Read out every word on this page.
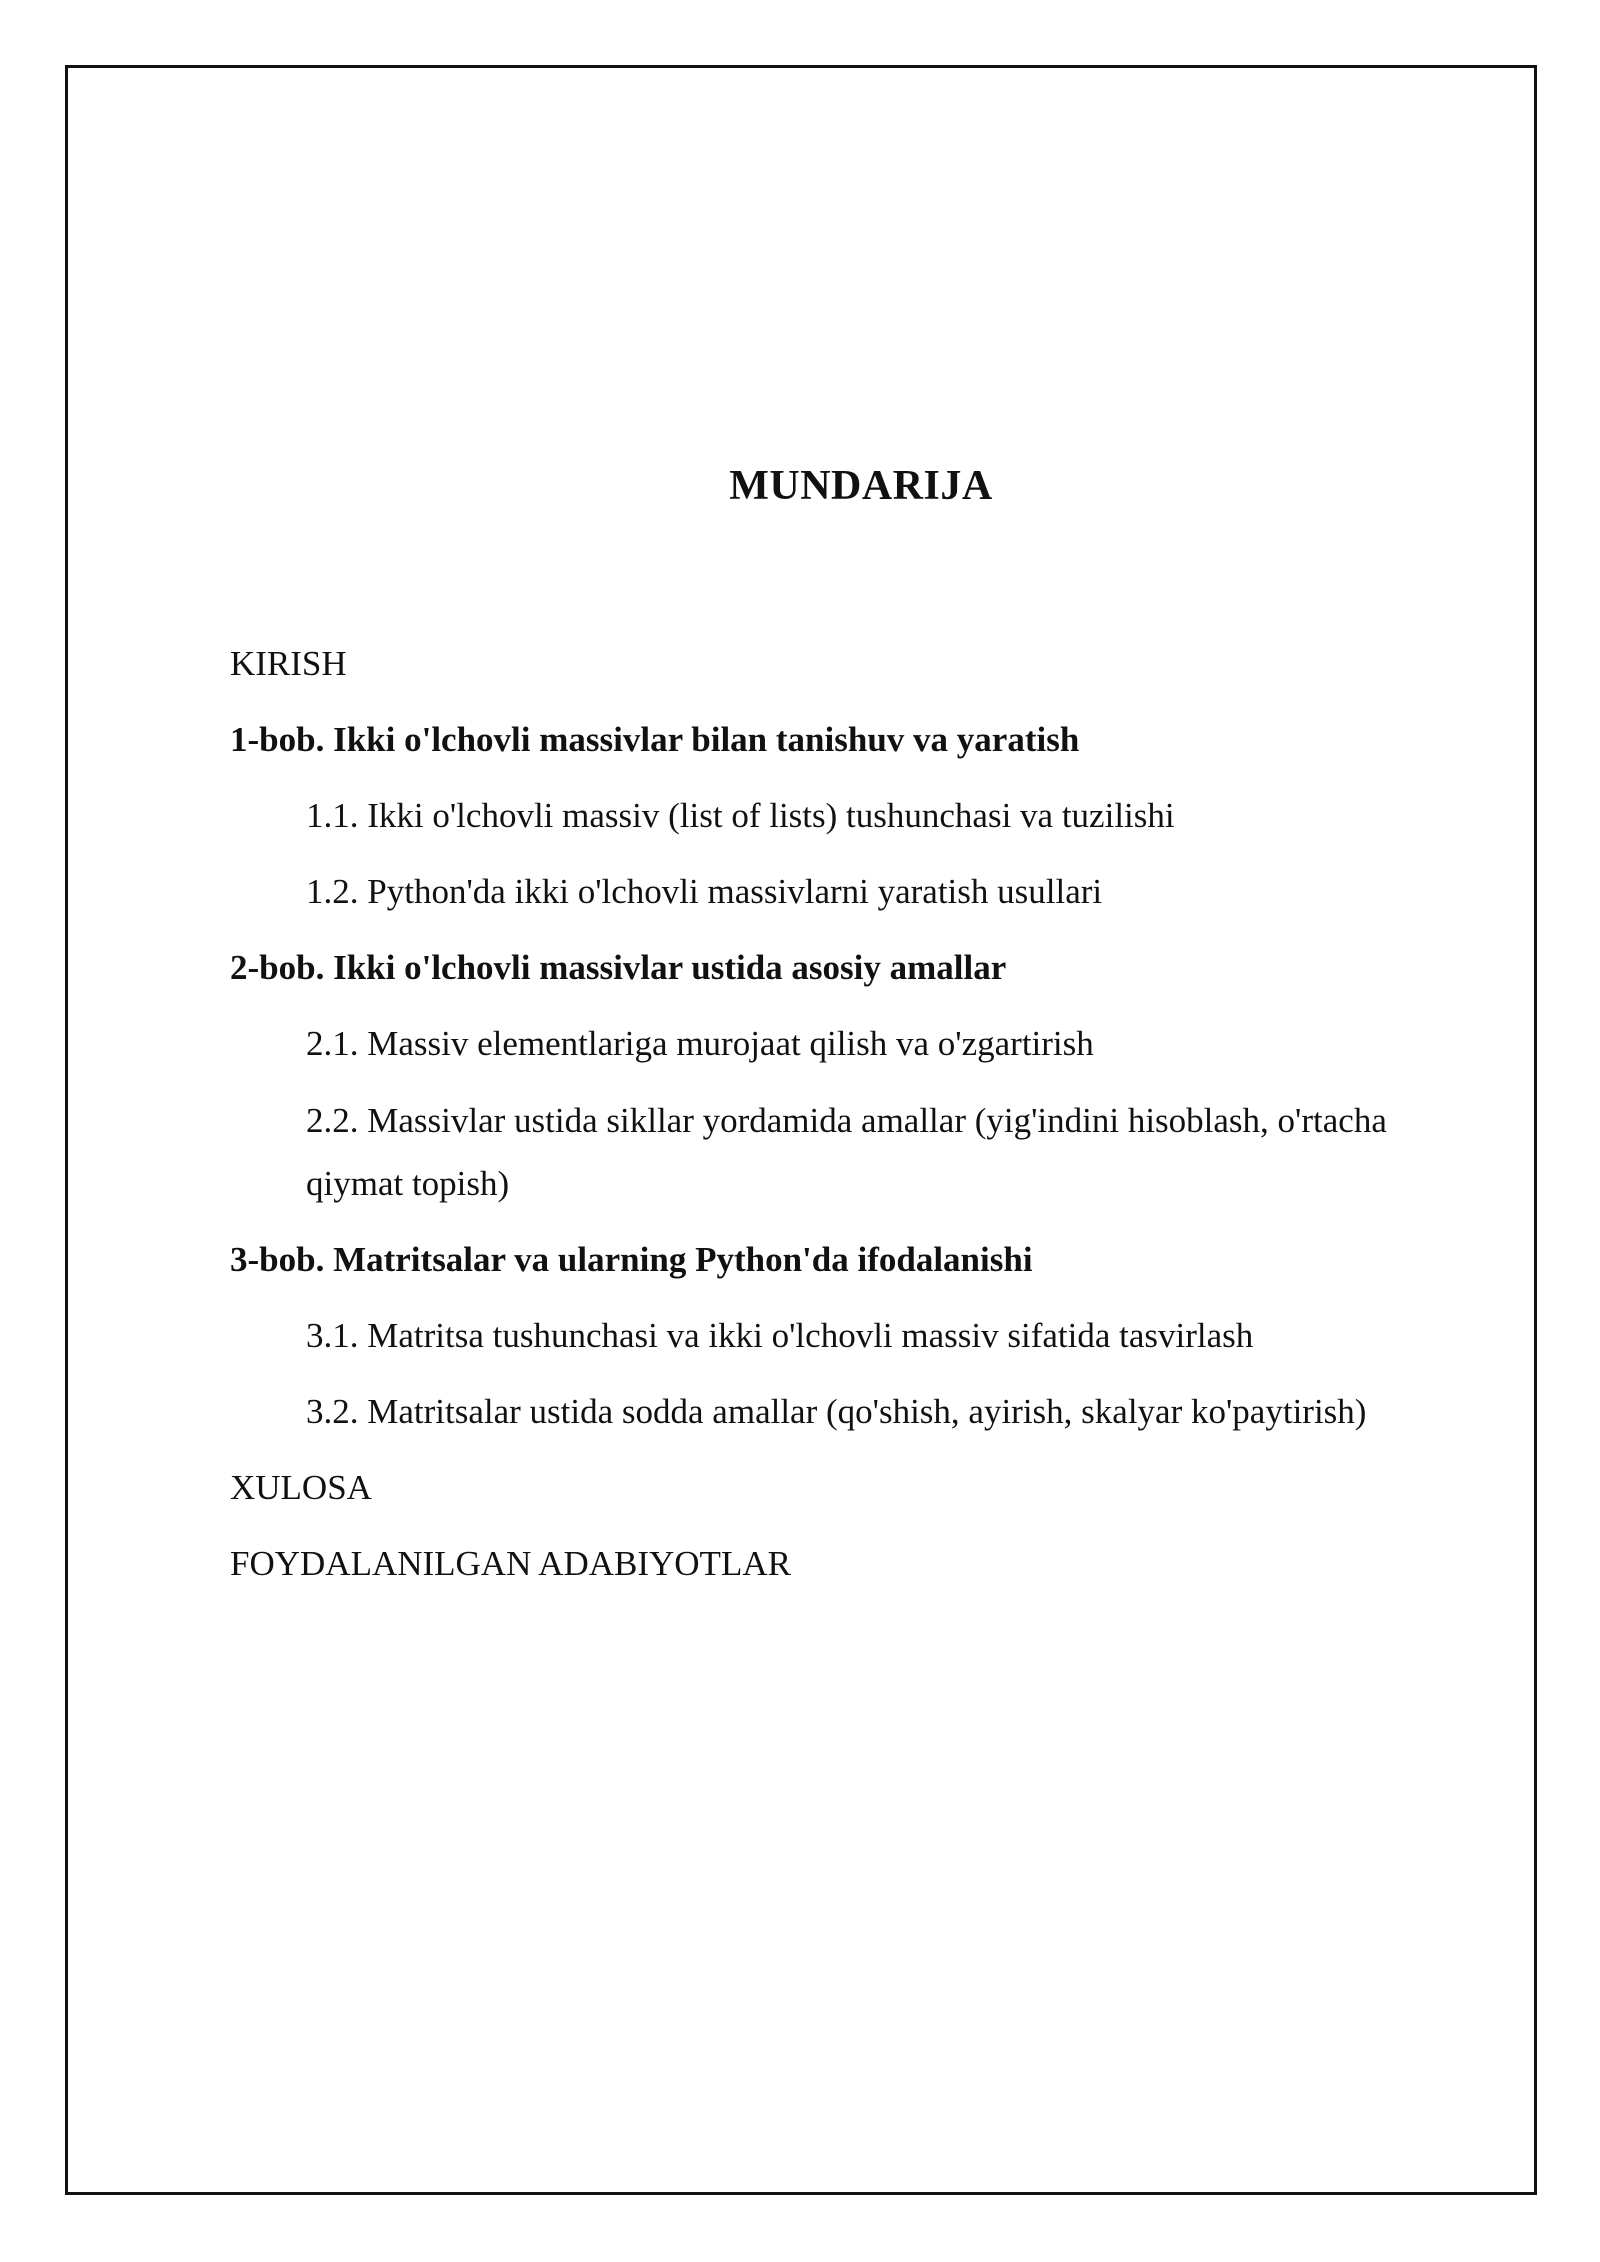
MUNDARIJA
KIRISH
1-bob. Ikki o'lchovli massivlar bilan tanishuv va yaratish
1.1. Ikki o'lchovli massiv (list of lists) tushunchasi va tuzilishi
1.2. Python'da ikki o'lchovli massivlarni yaratish usullari
2-bob. Ikki o'lchovli massivlar ustida asosiy amallar
2.1. Massiv elementlariga murojaat qilish va o'zgartirish
2.2. Massivlar ustida sikllar yordamida amallar (yig'indini hisoblash, o'rtacha qiymat topish)
3-bob. Matritsalar va ularning Python'da ifodalanishi
3.1. Matritsa tushunchasi va ikki o'lchovli massiv sifatida tasvirlash
3.2. Matritsalar ustida sodda amallar (qo'shish, ayirish, skalyar ko'paytirish)
XULOSA
FOYDALANILGAN ADABIYOTLAR
